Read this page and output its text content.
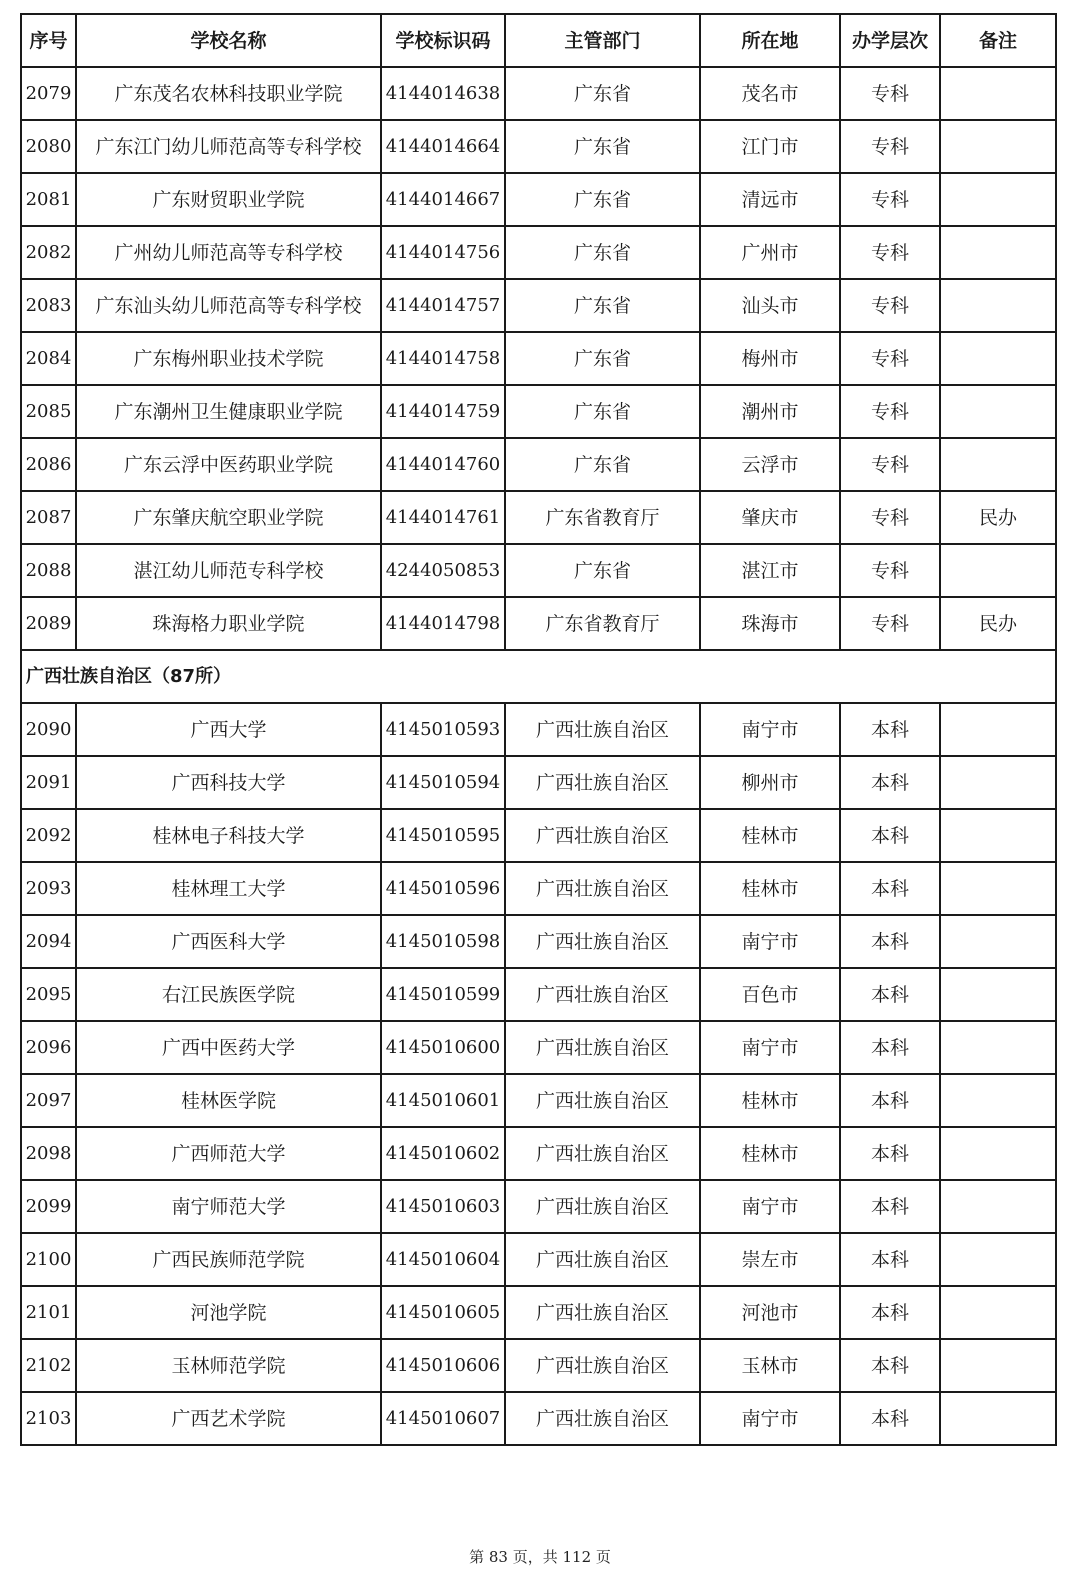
序号	学校名称	学校标识码	主管部门	所在地	办学层次	备注
2079	广东茂名农林科技职业学院	4144014638	广东省	茂名市	专科	
2080	广东江门幼儿师范高等专科学校	4144014664	广东省	江门市	专科	
2081	广东财贸职业学院	4144014667	广东省	清远市	专科	
2082	广州幼儿师范高等专科学校	4144014756	广东省	广州市	专科	
2083	广东汕头幼儿师范高等专科学校	4144014757	广东省	汕头市	专科	
2084	广东梅州职业技术学院	4144014758	广东省	梅州市	专科	
2085	广东潮州卫生健康职业学院	4144014759	广东省	潮州市	专科	
2086	广东云浮中医药职业学院	4144014760	广东省	云浮市	专科	
2087	广东肇庆航空职业学院	4144014761	广东省教育厅	肇庆市	专科	民办
2088	湛江幼儿师范专科学校	4244050853	广东省	湛江市	专科	
2089	珠海格力职业学院	4144014798	广东省教育厅	珠海市	专科	民办
广西壮族自治区（87所）						
2090	广西大学	4145010593	广西壮族自治区	南宁市	本科	
2091	广西科技大学	4145010594	广西壮族自治区	柳州市	本科	
2092	桂林电子科技大学	4145010595	广西壮族自治区	桂林市	本科	
2093	桂林理工大学	4145010596	广西壮族自治区	桂林市	本科	
2094	广西医科大学	4145010598	广西壮族自治区	南宁市	本科	
2095	右江民族医学院	4145010599	广西壮族自治区	百色市	本科	
2096	广西中医药大学	4145010600	广西壮族自治区	南宁市	本科	
2097	桂林医学院	4145010601	广西壮族自治区	桂林市	本科	
2098	广西师范大学	4145010602	广西壮族自治区	桂林市	本科	
2099	南宁师范大学	4145010603	广西壮族自治区	南宁市	本科	
2100	广西民族师范学院	4145010604	广西壮族自治区	崇左市	本科	
2101	河池学院	4145010605	广西壮族自治区	河池市	本科	
2102	玉林师范学院	4145010606	广西壮族自治区	玉林市	本科	
2103	广西艺术学院	4145010607	广西壮族自治区	南宁市	本科	
第 83 页，共 112 页
